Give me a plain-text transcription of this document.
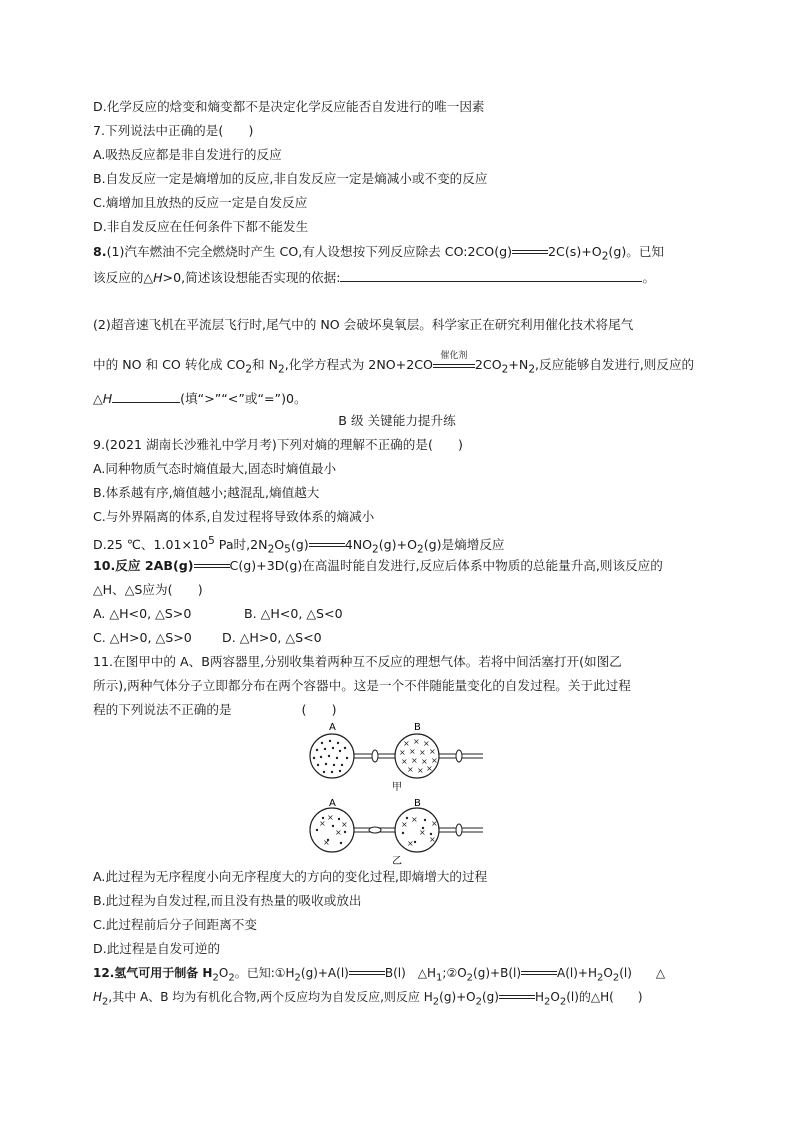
D.化学反应的焓变和熵变都不是决定化学反应能否自发进行的唯一因素
7.下列说法中正确的是(　　)
A.吸热反应都是非自发进行的反应
B.自发反应一定是熵增加的反应,非自发反应一定是熵减小或不变的反应
C.熵增加且放热的反应一定是自发反应
D.非自发反应在任何条件下都不能发生
8.(1)汽车燃油不完全燃烧时产生 CO,有人设想按下列反应除去 CO:2CO(g)	$2C(s)+O_2(g)$。已知
该反应的△H>0,简述该设想能否实现的依据:	。
(2)超音速飞机在平流层飞行时,尾气中的 NO 会破坏臭氧层。科学家正在研究利用催化技术将尾气
中的 NO 和 CO 转化成 $CO_2$和 $N_2$,化学方程式为 2NO+2CO
催化剂
$2CO_2+N_2$,反应能够自发进行,则反应的
△H	(填“>”“<”或“=”)0。
B 级 关键能力提升练
9.(2021 湖南长沙雅礼中学月考)下列对熵的理解不正确的是(　　)
A.同种物质气态时熵值最大,固态时熵值最小
B.体系越有序,熵值越小;越混乱,熵值越大
C.与外界隔离的体系,自发过程将导致体系的熵减小
D.25 ℃、$1.01\times 10^5$ Pa时$,2N_2O_5(g)$	$4NO_2(g)+O_2(g)$是熵增反应
10.反应 2AB(g)	C(g)+3D(g)在高温时能自发进行,反应后体系中物质的总能量升高,则该反应的
△H、△S应为(　　)
A. △H<0, △S>0	B. △H<0, △S<0
C. △H>0, △S>0 D. △H>0, △S<0
11.在图甲中的 A、B两容器里,分别收集着两种互不反应的理想气体。若将中间活塞打开(如图乙
所示),两种气体分子立即都分布在两个容器中。这是一个不伴随能量变化的自发过程。关于此过程
程的下列说法不正确的是	(　　)
A	B
× × ×
× × × ×
× × × ×
× × ×
甲
A	B
×
×
×
×
×
×
×
×
×
×
×
乙
A.此过程为无序程度小向无序程度大的方向的变化过程,即熵增大的过程
B.此过程为自发过程,而且没有热量的吸收或放出
C.此过程前后分子间距离不变
D.此过程是自发可逆的
12.氢气可用于制备 $H_2O_2$。已知$:①H_2(g)+A(l)$	B(l)　$\triangle H_1;②O_2(g)+B(l)$	$A(l)+H_2O_2(l)$　　△
$H_2$,其中 A、B 均为有机化合物,两个反应均为自发反应,则反应 $H_2(g)+O_2(g)$	$H_2O_2(l)$的△H(　　)
